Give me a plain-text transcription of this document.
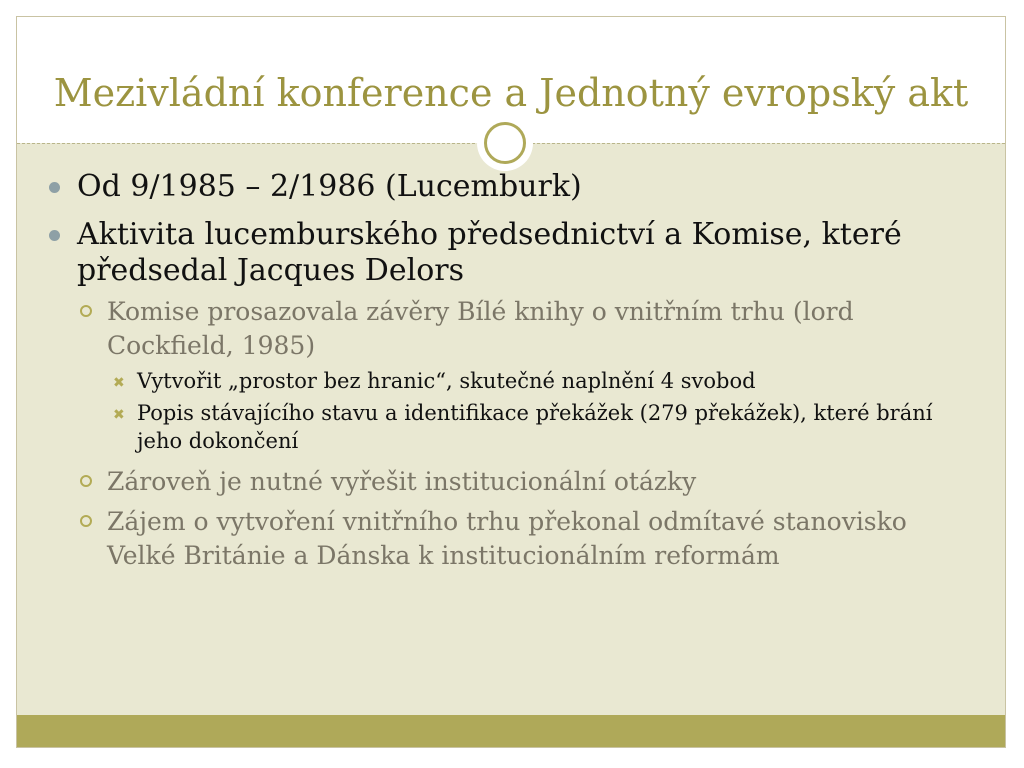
Mezivládní konference a Jednotný evropský akt
Od 9/1985 – 2/1986 (Lucemburk)
Aktivita lucemburského předsednictví a Komise, které předsedal Jacques Delors
Komise prosazovala závěry Bílé knihy o vnitřním trhu (lord Cockfield, 1985)
✖ Vytvořit „prostor bez hranic“, skutečné naplnění 4 svobod
✖ Popis stávajícího stavu a identifikace překážek (279 překážek), které brání jeho dokončení
Zároveň je nutné vyřešit institucionální otázky
Zájem o vytvoření vnitřního trhu překonal odmítavé stanovisko Velké Británie a Dánska k institucionálním reformám
